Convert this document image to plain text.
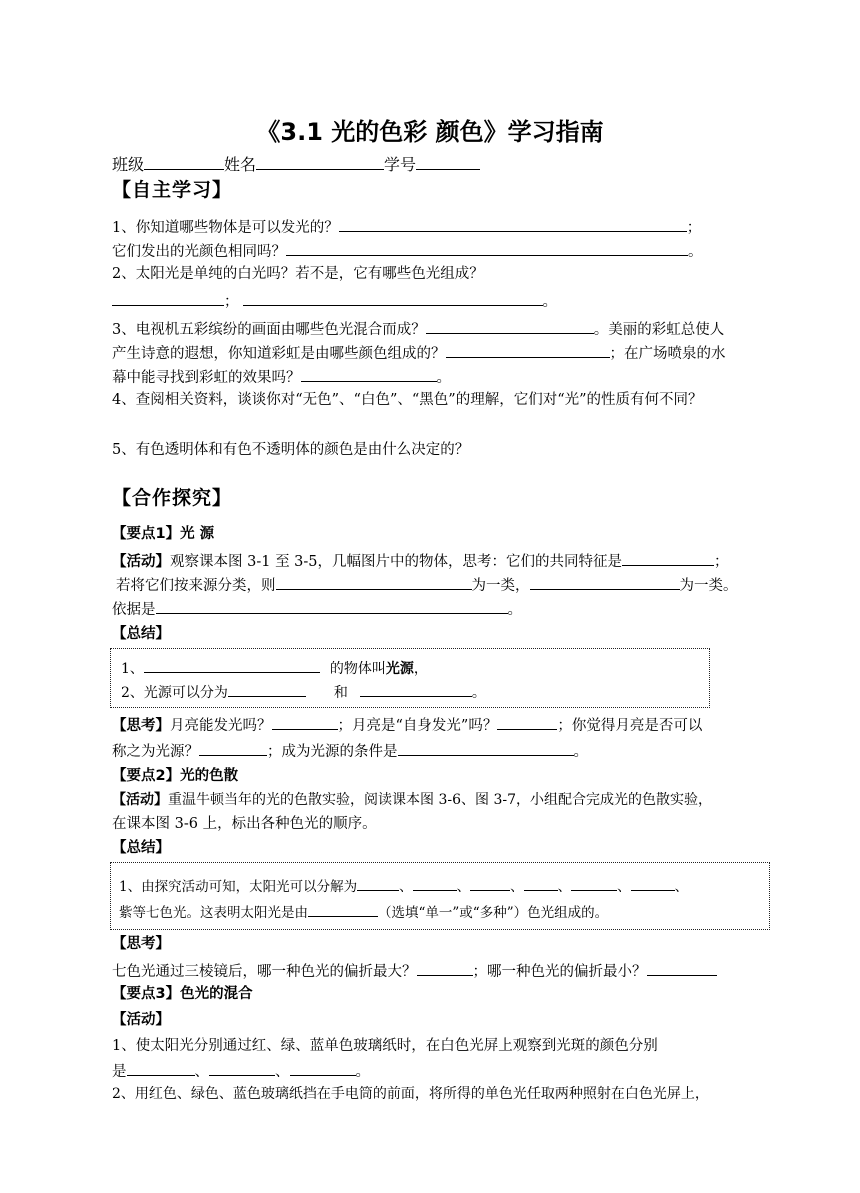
《3.1 光的色彩 颜色》学习指南
班级	姓名	学号
【自主学习】
1、你知道哪些物体是可以发光的？	；
它们发出的光颜色相同吗？	。
2、太阳光是单纯的白光吗？若不是，它有哪些色光组成？
；	。
3、电视机五彩缤纷的画面由哪些色光混合而成？	。美丽的彩虹总使人
产生诗意的遐想，你知道彩虹是由哪些颜色组成的？	；在广场喷泉的水
幕中能寻找到彩虹的效果吗？	。
4、查阅相关资料，谈谈你对“无色”、“白色”、“黑色”的理解，它们对“光”的性质有何不同？
5、有色透明体和有色不透明体的颜色是由什么决定的？
【合作探究】
【要点1】光 源
【活动】观察课本图 3-1 至 3-5，几幅图片中的物体，思考：它们的共同特征是	；
若将它们按来源分类，则	为一类，	为一类。
依据是	。
【总结】
1、	的物体叫光源，
2、光源可以分为	和	。
【思考】月亮能发光吗？	；月亮是“自身发光”吗？	；你觉得月亮是否可以
称之为光源？	；成为光源的条件是	。
【要点2】光的色散
【活动】重温牛顿当年的光的色散实验，阅读课本图 3-6、图 3-7，小组配合完成光的色散实验，
在课本图 3-6 上，标出各种色光的顺序。
【总结】
1、由探究活动可知，太阳光可以分解为	、	、	、	、	、	、
紫等七色光。这表明太阳光是由	（选填“单一”或“多种”）色光组成的。
【思考】
七色光通过三棱镜后，哪一种色光的偏折最大？	；哪一种色光的偏折最小？
【要点3】色光的混合
【活动】
1、使太阳光分别通过红、绿、蓝单色玻璃纸时，在白色光屏上观察到光斑的颜色分别
是	、	、	。
2、用红色、绿色、蓝色玻璃纸挡在手电筒的前面，将所得的单色光任取两种照射在白色光屏上，
